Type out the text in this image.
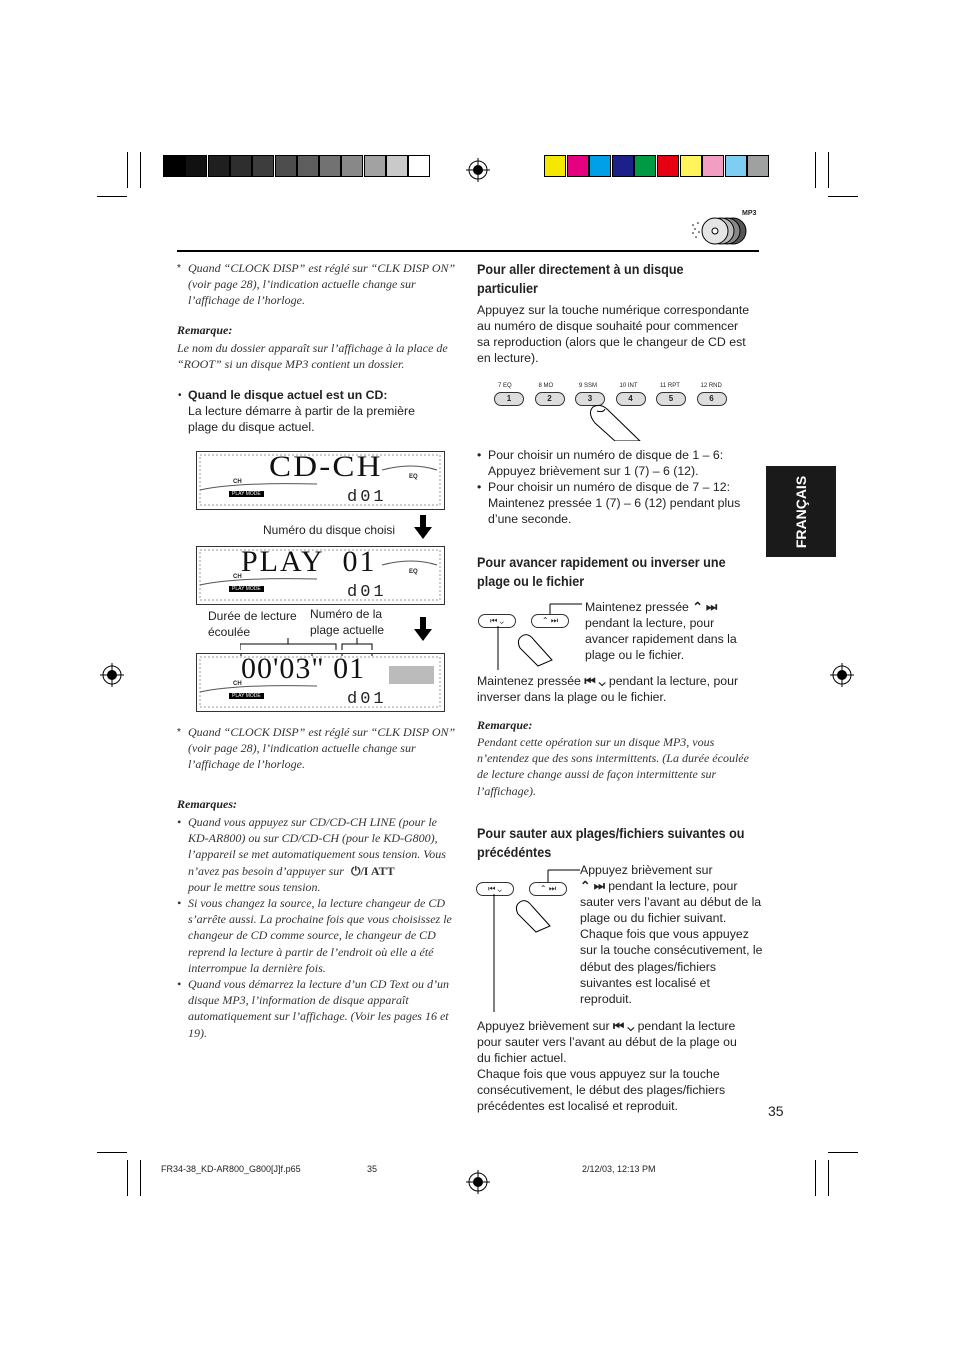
MP3
FRANÇAIS
* Quand “CLOCK DISP” est réglé sur “CLK DISP ON” (voir page 28), l’indication actuelle change sur l’affichage de l’horloge.
Remarque:
Le nom du dossier apparaît sur l’affichage à la place de “ROOT” si un disque MP3 contient un dossier.
• Quand le disque actuel est un CD:
La lecture démarre à partir de la première plage du disque actuel.
CD-CH
d01
CH
PLAY MODE
EQ
Numéro du disque choisi
PLAY  01
d01
CH
PLAY MODE
EQ
Durée de lecture écoulée
Numéro de la plage actuelle
00'03" 01
d01
CH
PLAY MODE
* Quand “CLOCK DISP” est réglé sur “CLK DISP ON” (voir page 28), l’indication actuelle change sur l’affichage de l’horloge.
Remarques:
• Quand vous appuyez sur CD/CD-CH LINE (pour le KD-AR800) ou sur CD/CD-CH (pour le KD-G800), l’appareil se met automatiquement sous tension. Vous n’avez pas besoin d’appuyer sur ⏻/I ATT
pour le mettre sous tension.
• Si vous changez la source, la lecture changeur de CD s’arrête aussi. La prochaine fois que vous choisissez le changeur de CD comme source, le changeur de CD reprend la lecture à partir de l’endroit où elle a été interrompue la dernière fois.
• Quand vous démarrez la lecture d’un CD Text ou d’un disque MP3, l’information de disque apparaît automatiquement sur l’affichage. (Voir les pages 16 et 19).
Pour aller directement à un disque particulier
Appuyez sur la touche numérique correspondante au numéro de disque souhaité pour commencer sa reproduction (alors que le changeur de CD est en lecture).
7 EQ
1
8 MO
2
9 SSM
3
10 INT
4
11 RPT
5
12 RND
6
• Pour choisir un numéro de disque de 1 – 6: Appuyez brièvement sur 1 (7) – 6 (12).
• Pour choisir un numéro de disque de 7 – 12: Maintenez pressée 1 (7) – 6 (12) pendant plus d’une seconde.
Pour avancer rapidement ou inverser une plage ou le fichier
⏮ ⌄	⌃ ⏭
Maintenez pressée ⌃ ⏭ pendant la lecture, pour avancer rapidement dans la plage ou le fichier.
Maintenez pressée ⏮ ⌄ pendant la lecture, pour inverser dans la plage ou le fichier.
Remarque:
Pendant cette opération sur un disque MP3, vous n’entendez que des sons intermittents. (La durée écoulée de lecture change aussi de façon intermittente sur l’affichage).
Pour sauter aux plages/fichiers suivantes ou précédéntes
⏮ ⌄	⌃ ⏭
Appuyez brièvement sur
⌃ ⏭ pendant la lecture, pour sauter vers l’avant au début de la plage ou du fichier suivant. Chaque fois que vous appuyez sur la touche consécutivement, le début des plages/fichiers suivantes est localisé et reproduit.
Appuyez brièvement sur ⏮ ⌄ pendant la lecture pour sauter vers l’avant au début de la plage ou du fichier actuel.
Chaque fois que vous appuyez sur la touche consécutivement, le début des plages/fichiers précédentes est localisé et reproduit.	35
FR34-38_KD-AR800_G800[J]f.p65	35	2/12/03, 12:13 PM
